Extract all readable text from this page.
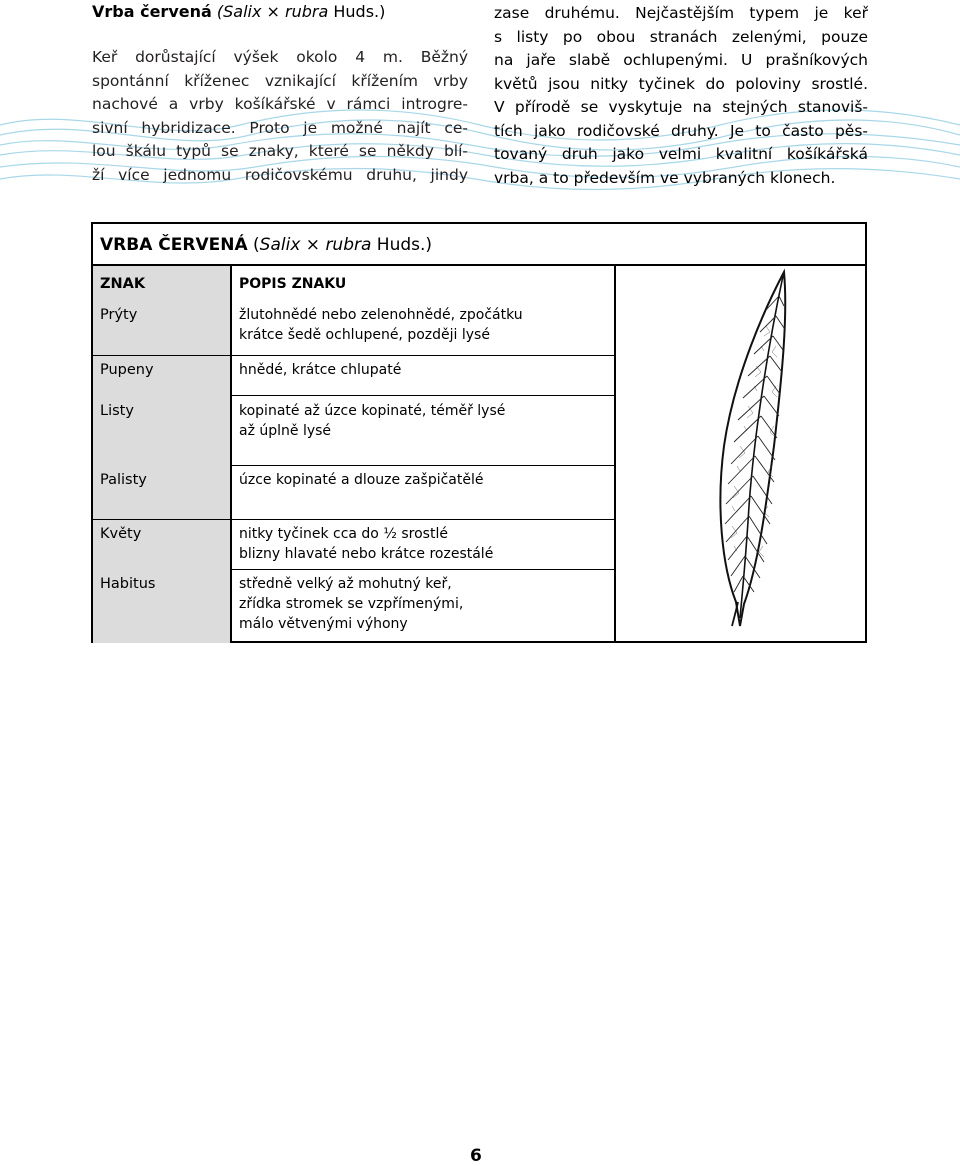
Vrba červená (Salix × rubra Huds.)
Keř dorůstající výšek okolo 4 m. Běžný
spontánní kříženec vznikající křížením vrby
nachové a vrby košíkářské v rámci introgre-
sivní hybridizace. Proto je možné najít ce-
lou škálu typů se znaky, které se někdy blí-
ží více jednomu rodičovskému druhu, jindy
zase druhému. Nejčastějším typem je keř
s listy po obou stranách zelenými, pouze
na jaře slabě ochlupenými. U prašníkových
květů jsou nitky tyčinek do poloviny srostlé.
V přírodě se vyskytuje na stejných stanoviš-
tích jako rodičovské druhy. Je to často pěs-
tovaný druh jako velmi kvalitní košíkářská
vrba, a to především ve vybraných klonech.
VRBA ČERVENÁ (Salix × rubra Huds.)
ZNAK
Prýty
Pupeny
Listy
Palisty
Květy
Habitus
POPIS ZNAKU
žlutohnědé nebo zelenohnědé, zpočátku
krátce šedě ochlupené, později lysé
hnědé, krátce chlupaté
kopinaté až úzce kopinaté, téměř lysé
až úplně lysé
úzce kopinaté a dlouze zašpičatělé
nitky tyčinek cca do ½ srostlé
blizny hlavaté nebo krátce rozestálé
středně velký až mohutný keř,
zřídka stromek se vzpřímenými,
málo větvenými výhony
6
